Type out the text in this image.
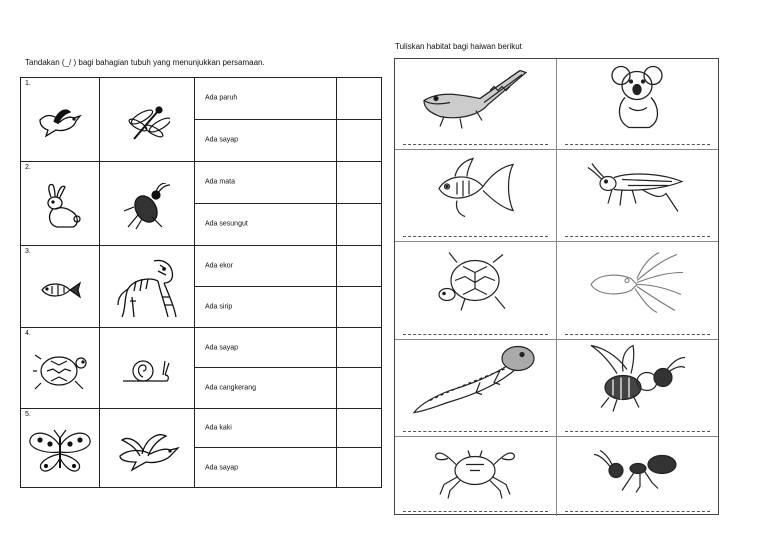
Tandakan (_/ ) bagi bahagian tubuh yang menunjukkan persamaan.
Tuliskan habitat bagi haiwan berikut
1.
Ada paruh
Ada sayap
2.
Ada mata
Ada sesungut
3.
Ada ekor
Ada sirip
4.
Ada sayap
Ada cangkerang
5.
Ada kaki
Ada sayap
